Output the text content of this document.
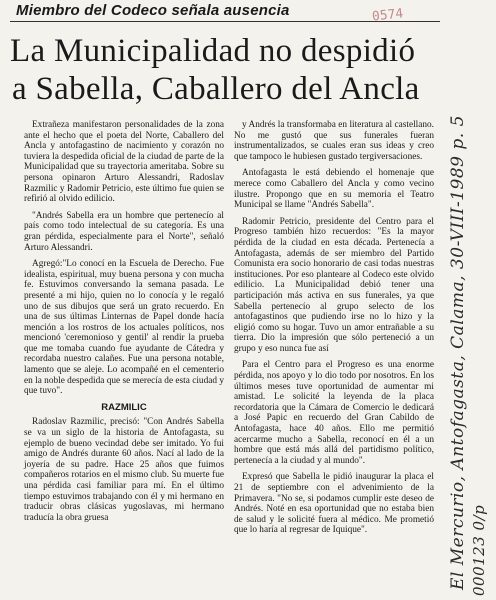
Miembro del Codeco señala ausencia
La Municipalidad no despidió
a Sabella, Caballero del Ancla

Extrañeza manifestaron personalidades de la zona ante el hecho que el poeta del Norte, Caballero del Ancla y antofagastino de nacimiento y corazón no tuviera la despedida oficial de la ciudad de parte de la Municipalidad que su trayectoria ameritaba. Sobre su persona opinaron Arturo Alessandri, Radoslav Razmilic y Radomir Petricio, este último fue quien se refirió al olvido edilicio.

"Andrés Sabella era un hombre que pertenecío al país como todo intelectual de su categoría. Es una gran pérdida, especialmente para el Norte", señaló Arturo Alessandri.

Agregó:"Lo conocí en la Escuela de Derecho. Fue idealista, espiritual, muy buena persona y con mucha fe. Estuvimos conversando la semana pasada. Le presenté a mi hijo, quien no lo conocía y le regaló uno de sus dibujos que será un grato recuerdo. En una de sus últimas Linternas de Papel donde hacía mención a los rostros de los actuales políticos, nos mencionó 'ceremonioso y gentil' al rendir la prueba que me tomaba cuando fue ayudante de Cátedra y recordaba nuestro calañes. Fue una persona notable, lamento que se aleje. Lo acompañé en el cementerio en la noble despedida que se merecía de esta ciudad y que tuvo".

RAZMILIC

Radoslav Razmilic, precisó: "Con Andrés Sabella se va un siglo de la historia de Antofagasta, su ejemplo de bueno vecindad debe ser imitado. Yo fui amigo de Andrés durante 60 años. Nací al lado de la joyería de su padre. Hace 25 años que fuimos compañeros rotarios en el mismo club. Su muerte fue una pérdida casi familiar para mí. En el último tiempo estuvimos trabajando con él y mi hermano en traducir obras clásicas yugoslavas, mi hermano traducía la obra gruesa

y Andrés la transformaba en literatura al castellano. No me gustó que sus funerales fueran instrumentalizados, se cuales eran sus ideas y creo que tampoco le hubiesen gustado tergiversaciones.

Antofagasta le está debiendo el homenaje que merece como Caballero del Ancla y como vecino ilustre. Propongo que en su memoria el Teatro Municipal se llame "Andrés Sabella".

Radomir Petricio, presidente del Centro para el Progreso también hizo recuerdos: "Es la mayor pérdida de la ciudad en esta década. Pertenecía a Antofagasta, además de ser miembro del Partido Comunista era socio honorario de casi todas nuestras instituciones. Por eso planteare al Codeco este olvido edilicio. La Municipalidad debió tener una participación más activa en sus funerales, ya que Sabella pertenecío al grupo selecto de los antofagastinos que pudiendo irse no lo hizo y la eligió como su hogar. Tuvo un amor entrañable a su tierra. Dio la impresión que sólo perteneció a un grupo y eso nunca fue así

Para el Centro para el Progreso es una enorme pérdida, nos apoyo y lo dio todo por nosotros. En los últimos meses tuve oportunidad de aumentar mi amistad. Le solicité la leyenda de la placa recordatoria que la Cámara de Comercio le dedicará a José Papic en recuerdo del Gran Cabildo de Antofagasta, hace 40 años. Ello me permitió acercarme mucho a Sabella, reconocí en él a un hombre que está más allá del partidismo político, pertenecía a la ciudad y al mundo".

Expresó que Sabella le pidió inaugurar la placa el 21 de septiembre con el advenimiento de la Primavera. "No se, si podamos cumplir este deseo de Andrés. Noté en esa oportunidad que no estaba bien de salud y le solicité fuera al médico. Me prometió que lo haría al regresar de Iquique".

0574
El Mercurio, Antofagasta, Calama, 30-VIII-1989 p. 5 000123 0/p
